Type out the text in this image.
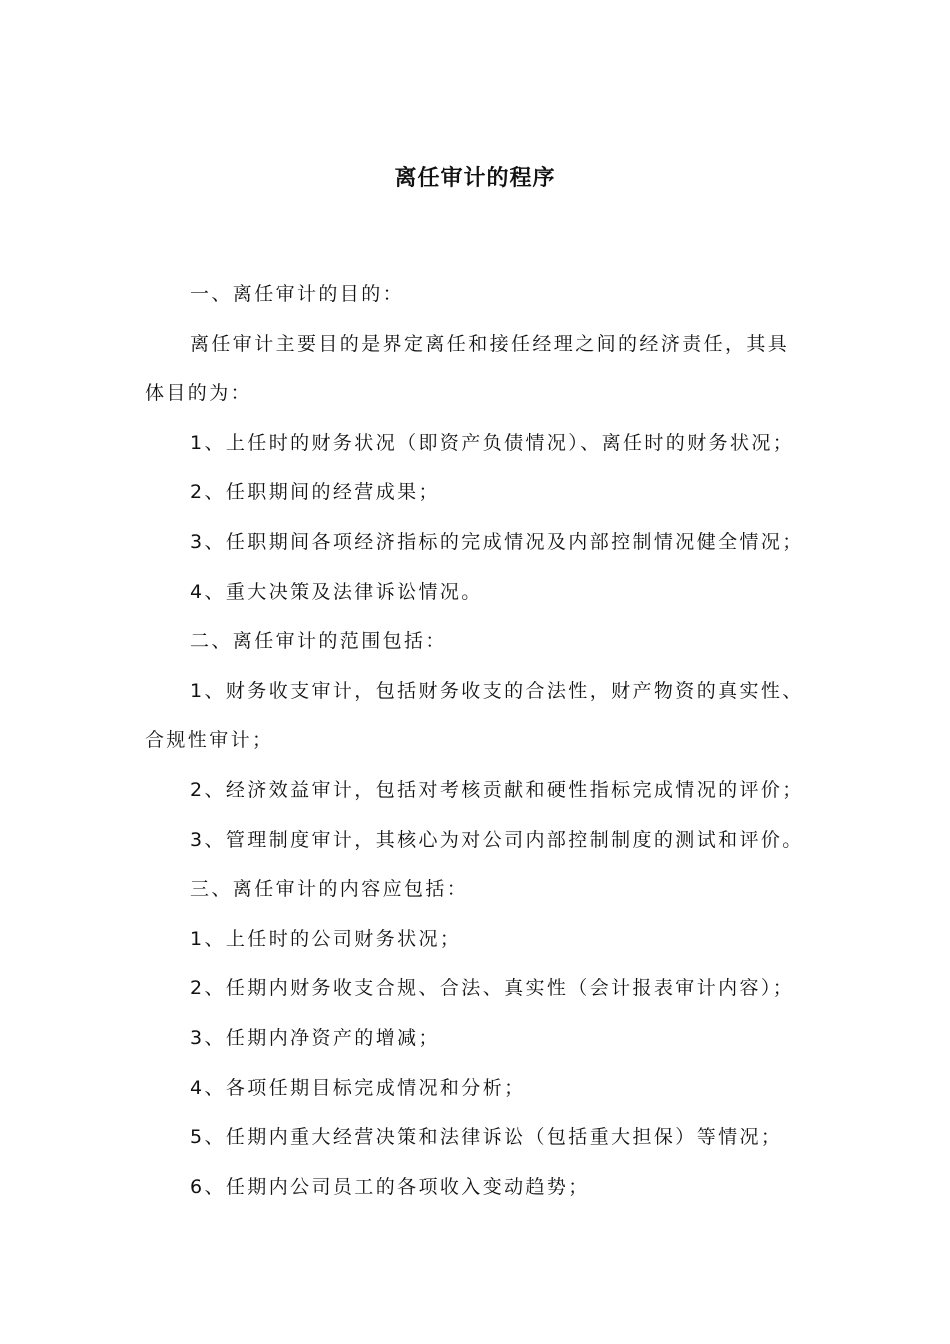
离任审计的程序

一、离任审计的目的：

离任审计主要目的是界定离任和接任经理之间的经济责任，其具体目的为：

1、上任时的财务状况（即资产负债情况）、离任时的财务状况；

2、任职期间的经营成果；

3、任职期间各项经济指标的完成情况及内部控制情况健全情况；

4、重大决策及法律诉讼情况。

二、离任审计的范围包括：

1、财务收支审计，包括财务收支的合法性，财产物资的真实性、合规性审计；

2、经济效益审计，包括对考核贡献和硬性指标完成情况的评价；

3、管理制度审计，其核心为对公司内部控制制度的测试和评价。

三、离任审计的内容应包括：

1、上任时的公司财务状况；

2、任期内财务收支合规、合法、真实性（会计报表审计内容）；

3、任期内净资产的增减；

4、各项任期目标完成情况和分析；

5、任期内重大经营决策和法律诉讼（包括重大担保）等情况；

6、任期内公司员工的各项收入变动趋势；
